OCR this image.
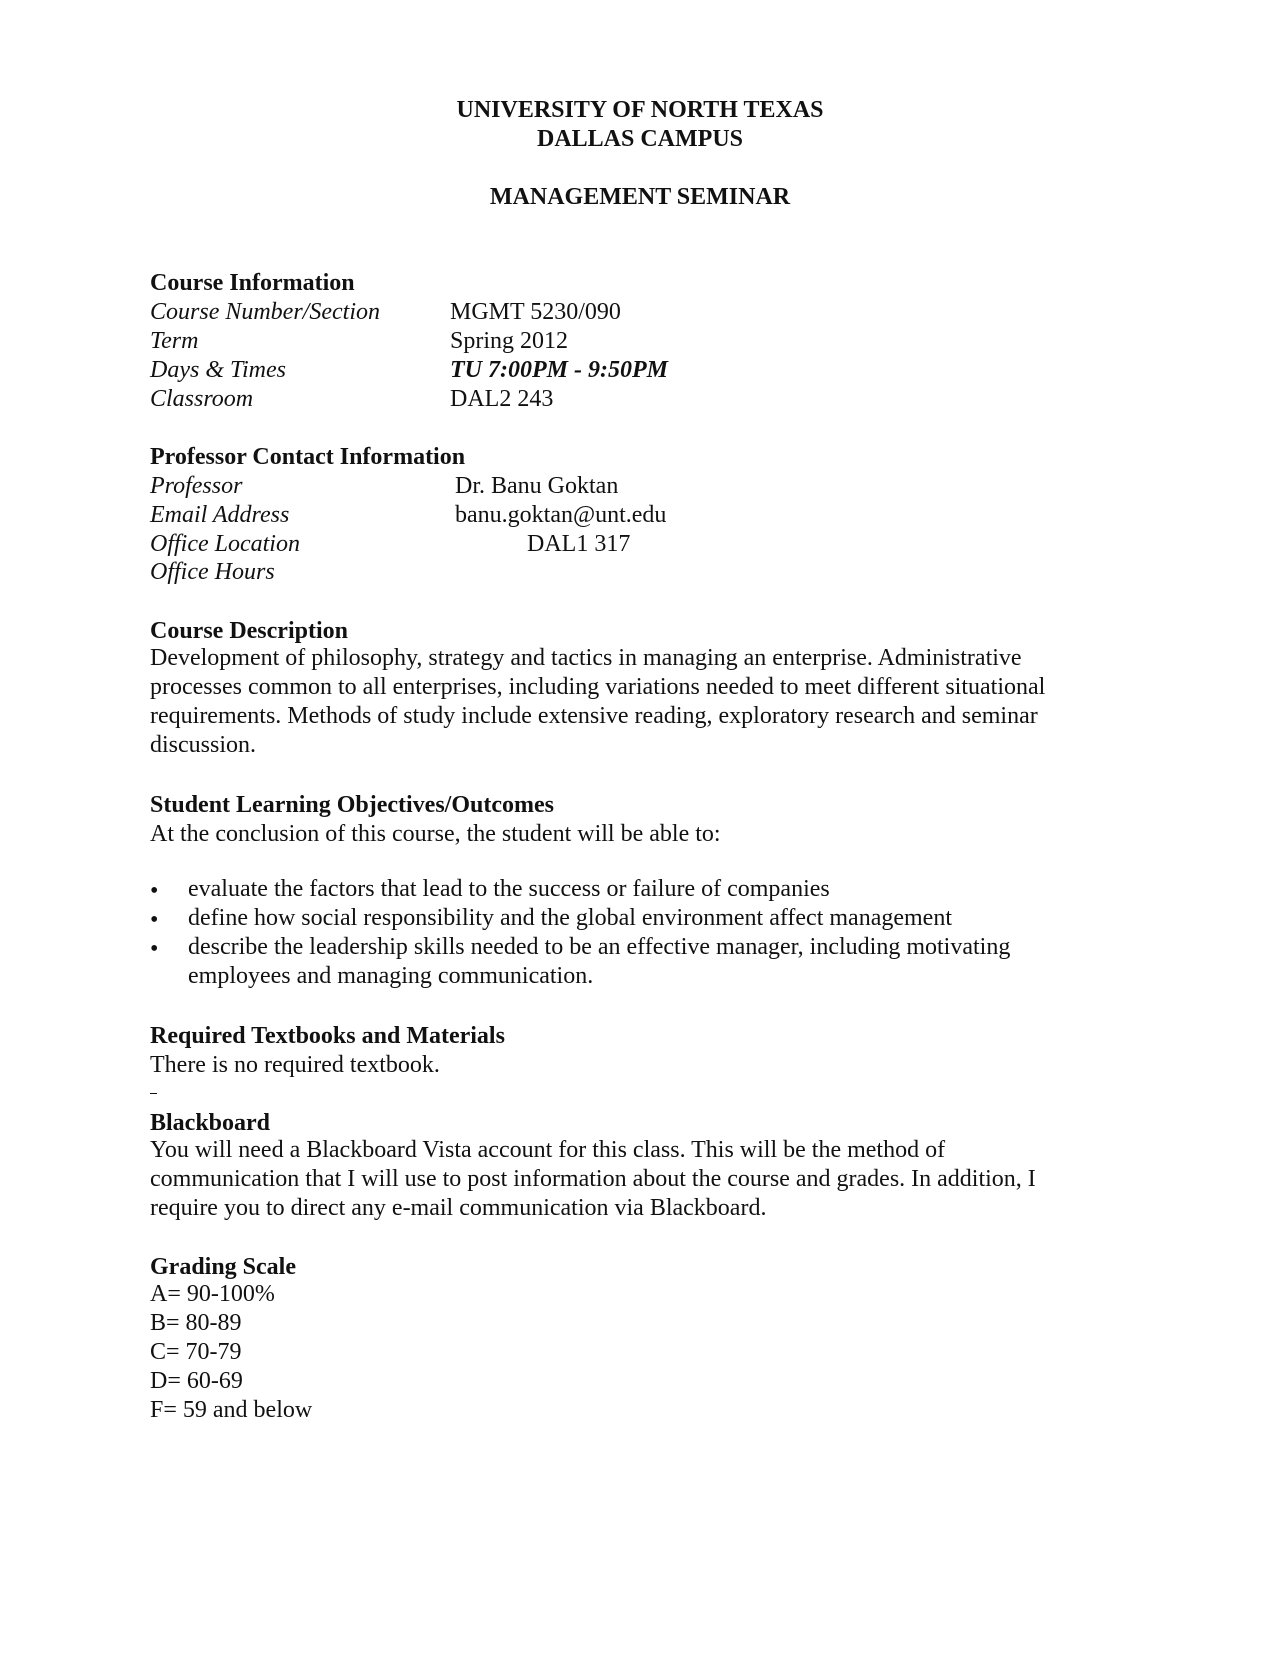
UNIVERSITY OF NORTH TEXAS
DALLAS CAMPUS
MANAGEMENT SEMINAR
Course Information
Course Number/Section	MGMT 5230/090
Term	Spring 2012
Days & Times	TU 7:00PM - 9:50PM
Classroom	DAL2 243
Professor Contact Information
Professor	Dr. Banu Goktan
Email Address	banu.goktan@unt.edu
Office Location	DAL1 317
Office Hours
Course Description
Development of philosophy, strategy and tactics in managing an enterprise. Administrative
processes common to all enterprises, including variations needed to meet different situational
requirements. Methods of study include extensive reading, exploratory research and seminar
discussion.
Student Learning Objectives/Outcomes
At the conclusion of this course, the student will be able to:
• evaluate the factors that lead to the success or failure of companies
• define how social responsibility and the global environment affect management
• describe the leadership skills needed to be an effective manager, including motivating
employees and managing communication.
Required Textbooks and Materials
There is no required textbook.
Blackboard
You will need a Blackboard Vista account for this class. This will be the method of
communication that I will use to post information about the course and grades. In addition, I
require you to direct any e-mail communication via Blackboard.
Grading Scale
A= 90-100%
B= 80-89
C= 70-79
D= 60-69
F= 59 and below
